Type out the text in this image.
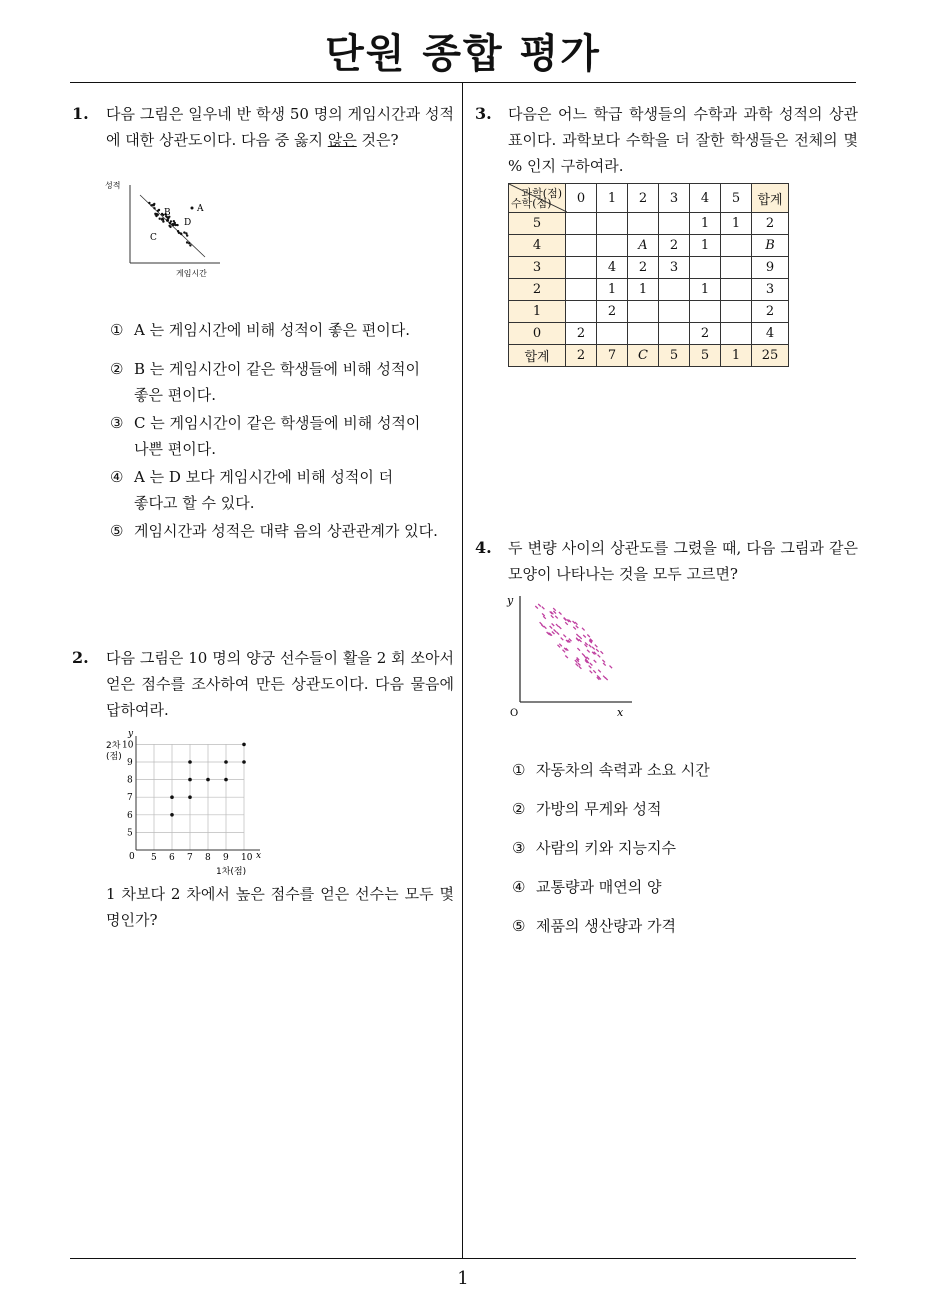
단원 종합 평가
1
1. 다음 그림은 일우네 반 학생 50 명의 게임시간과 성적에 대한 상관도이다. 다음 중 옳지 않은 것은?
성적
게임시간
A
B
C
D
① A 는 게임시간에 비해 성적이 좋은 편이다.
② B 는 게임시간이 같은 학생들에 비해 성적이
좋은 편이다.
③ C 는 게임시간이 같은 학생들에 비해 성적이
나쁜 편이다.
④ A 는 D 보다 게임시간에 비해 성적이 더
좋다고 할 수 있다.
⑤ 게임시간과 성적은 대략 음의 상관관계가 있다.
2. 다음 그림은 10 명의 양궁 선수들이 활을 2 회 쏘아서 얻은 점수를 조사하여 만든 상관도이다. 다음 물음에 답하여라.
5 6 7 8 9 10
5
6
7
8
9
10
y
x
2차
(점)
1차(점)
0
1 차보다 2 차에서 높은 점수를 얻은 선수는 모두 몇 명인가?
3. 다음은 어느 학급 학생들의 수학과 과학 성적의 상관표이다. 과학보다 수학을 더 잘한 학생들은 전체의 몇 % 인지 구하여라.
과학(점)
수학(점)	0	1	2	3	4	5	합계
5					1	1	2
4			A	2	1		B
3		4	2	3			9
2		1	1		1		3
1		2					2
0	2				2		4
합계	2	7	C	5	5	1	25
4. 두 변량 사이의 상관도를 그렸을 때, 다음 그림과 같은 모양이 나타나는 것을 모두 고르면?
y
x
O
① 자동차의 속력과 소요 시간
② 가방의 무게와 성적
③ 사람의 키와 지능지수
④ 교통량과 매연의 양
⑤ 제품의 생산량과 가격
